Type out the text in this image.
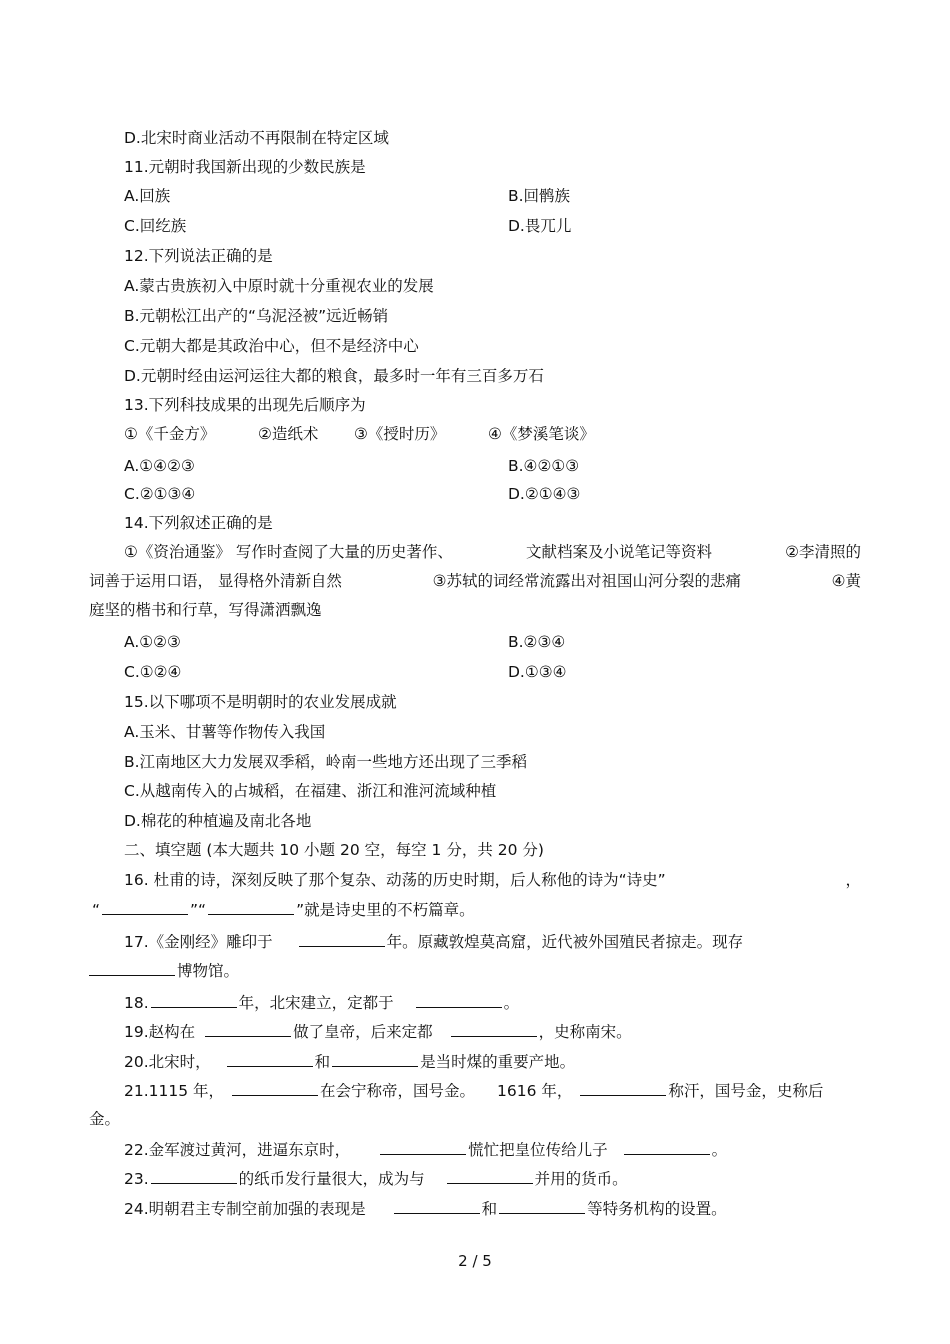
D.北宋时商业活动不再限制在特定区域
11.元朝时我国新出现的少数民族是
A.回族	B.回鹘族
C.回纥族	D.畏兀儿
12.下列说法正确的是
A.蒙古贵族初入中原时就十分重视农业的发展
B.元朝松江出产的“乌泥泾被”远近畅销
C.元朝大都是其政治中心，但不是经济中心
D.元朝时经由运河运往大都的粮食，最多时一年有三百多万石
13.下列科技成果的出现先后顺序为
①《千金方》	②造纸术 ③《授时历》	④《梦溪笔谈》
A.①④②③	B.④②①③
C.②①③④	D.②①④③
14.下列叙述正确的是
①《资治通鉴》 写作时查阅了大量的历史著作、	文献档案及小说笔记等资料	②李清照的
词善于运用口语， 显得格外清新自然	③苏轼的词经常流露出对祖国山河分裂的悲痛	④黄
庭坚的楷书和行草，写得潇洒飘逸
A.①②③	B.②③④
C.①②④	D.①③④
15.以下哪项不是明朝时的农业发展成就
A.玉米、甘薯等作物传入我国
B.江南地区大力发展双季稻，岭南一些地方还出现了三季稻
C.从越南传入的占城稻，在福建、浙江和淮河流域种植
D.棉花的种植遍及南北各地
二、填空题 (本大题共 10 小题 20 空，每空 1 分，共 20 分)
16. 杜甫的诗，深刻反映了那个复杂、动荡的历史时期，后人称他的诗为“诗史”	，
“	”“	”就是诗史里的不朽篇章。
17.《金刚经》雕印于	年。原藏敦煌莫高窟，近代被外国殖民者掠走。现存
博物馆。
18.	年，北宋建立，定都于	。
19.赵构在	做了皇帝，后来定都	，史称南宋。
20.北宋时，	和	是当时煤的重要产地。
21.1115 年，	在会宁称帝，国号金。 1616 年，	称汗，国号金，史称后
金。
22.金军渡过黄河，进逼东京时，	慌忙把皇位传给儿子	。
23.	的纸币发行量很大，成为与	并用的货币。
24.明朝君主专制空前加强的表现是	和	等特务机构的设置。
2 / 5
